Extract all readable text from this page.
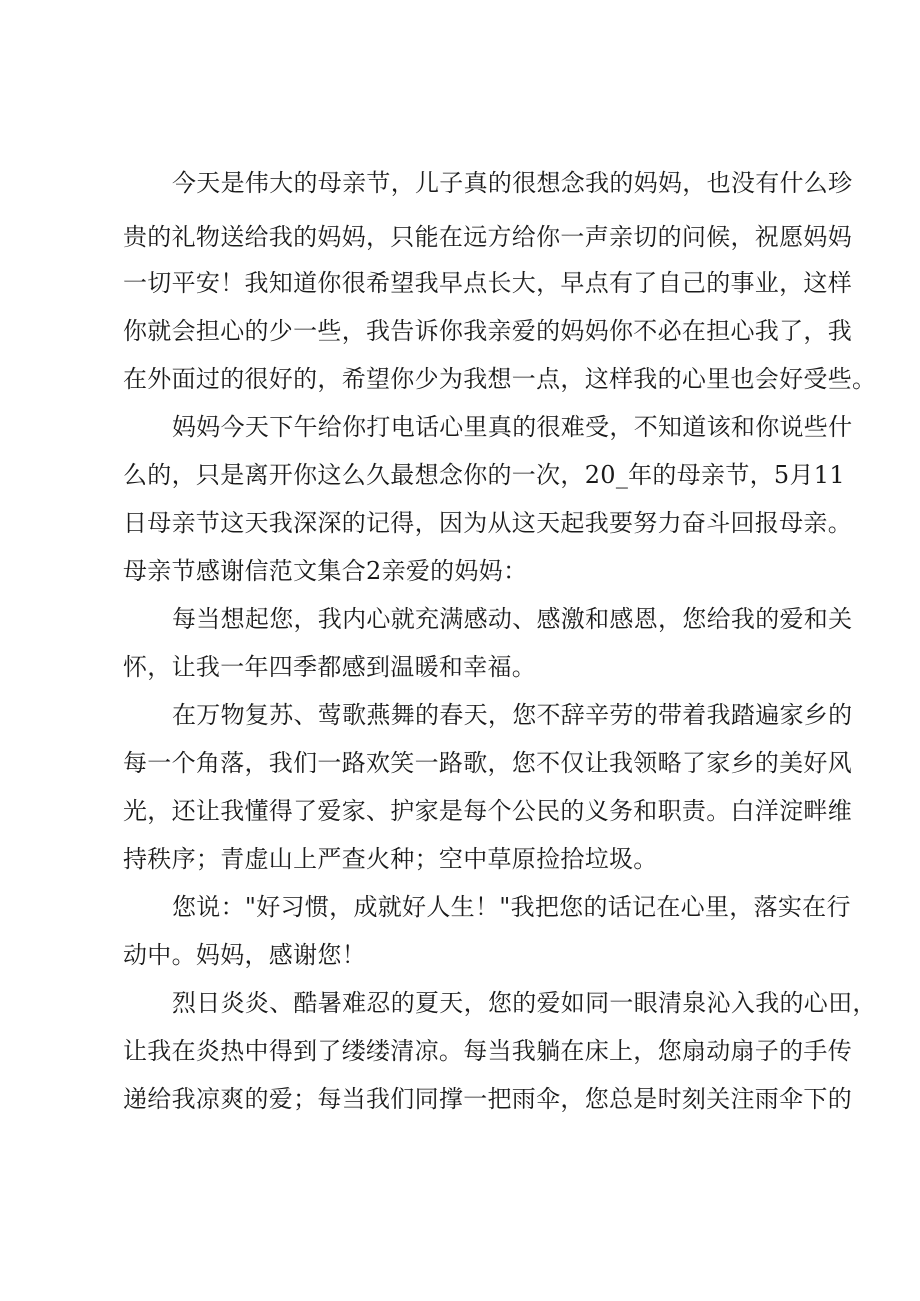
今天是伟大的母亲节，儿子真的很想念我的妈妈，也没有什么珍
贵的礼物送给我的妈妈，只能在远方给你一声亲切的问候，祝愿妈妈
一切平安！我知道你很希望我早点长大，早点有了自己的事业，这样
你就会担心的少一些，我告诉你我亲爱的妈妈你不必在担心我了，我
在外面过的很好的，希望你少为我想一点，这样我的心里也会好受些。
妈妈今天下午给你打电话心里真的很难受，不知道该和你说些什
么的，只是离开你这么久最想念你的一次，20_年的母亲节，5月11
日母亲节这天我深深的记得，因为从这天起我要努力奋斗回报母亲。
母亲节感谢信范文集合2亲爱的妈妈：
每当想起您，我内心就充满感动、感激和感恩，您给我的爱和关
怀，让我一年四季都感到温暖和幸福。
在万物复苏、莺歌燕舞的春天，您不辞辛劳的带着我踏遍家乡的
每一个角落，我们一路欢笑一路歌，您不仅让我领略了家乡的美好风
光，还让我懂得了爱家、护家是每个公民的义务和职责。白洋淀畔维
持秩序；青虚山上严查火种；空中草原捡拾垃圾。
您说："好习惯，成就好人生！"我把您的话记在心里，落实在行
动中。妈妈，感谢您！
烈日炎炎、酷暑难忍的夏天，您的爱如同一眼清泉沁入我的心田，
让我在炎热中得到了缕缕清凉。每当我躺在床上，您扇动扇子的手传
递给我凉爽的爱；每当我们同撑一把雨伞，您总是时刻关注雨伞下的
